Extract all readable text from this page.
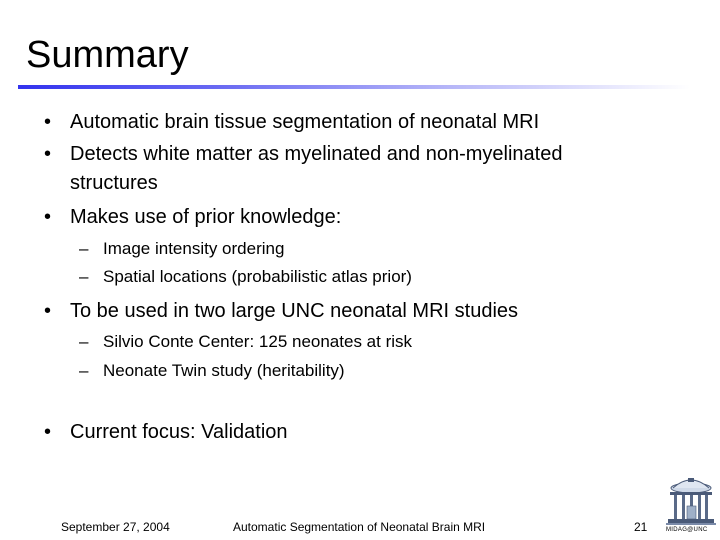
Summary
• Automatic brain tissue segmentation of neonatal MRI
• Detects white matter as myelinated and non-myelinated
structures
• Makes use of prior knowledge:
– Image intensity ordering
– Spatial locations (probabilistic atlas prior)
• To be used in two large UNC neonatal MRI studies
– Silvio Conte Center: 125 neonates at risk
– Neonate Twin study (heritability)
• Current focus: Validation
September 27, 2004	Automatic Segmentation of Neonatal Brain MRI	21	MIDAG@UNC
